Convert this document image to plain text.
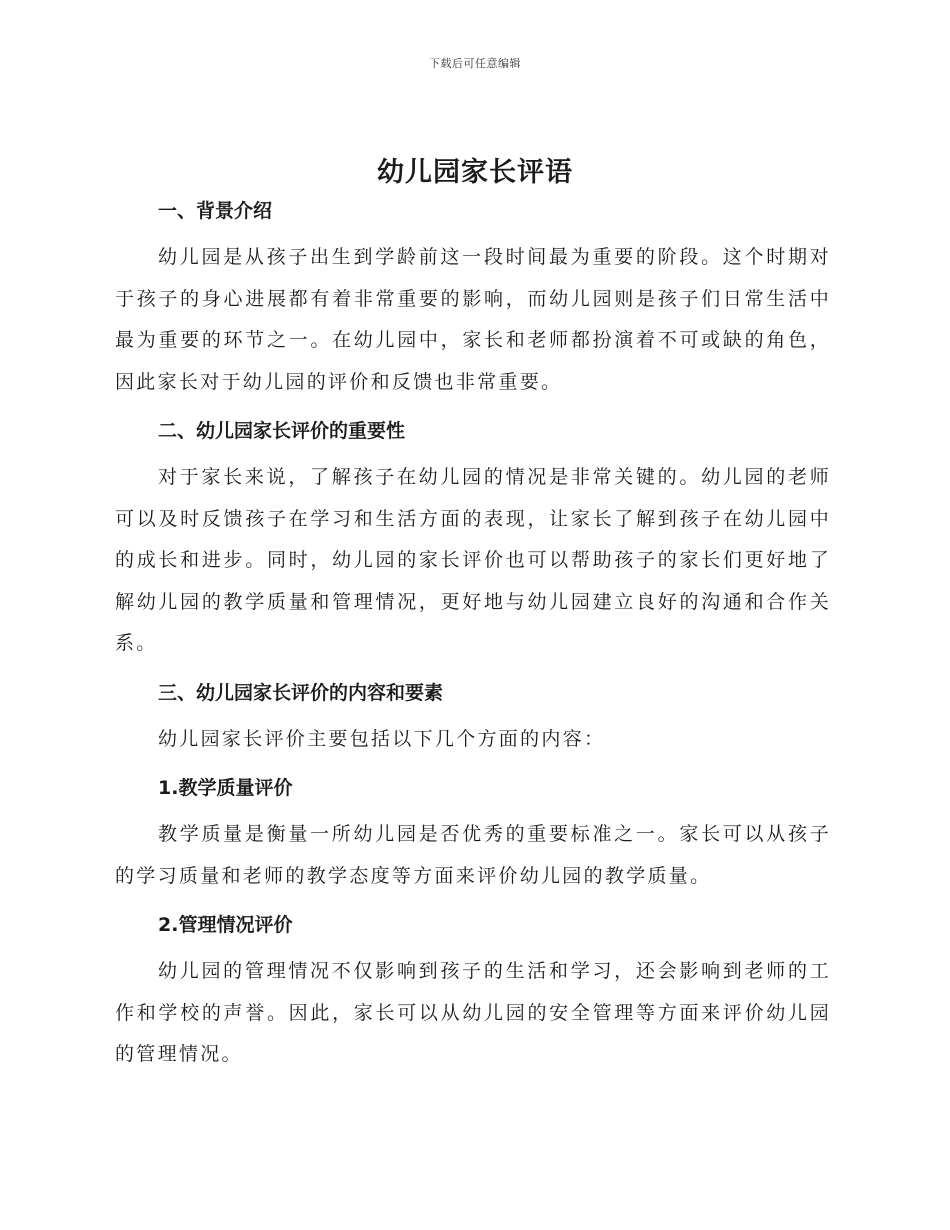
下载后可任意编辑
幼儿园家长评语

一、背景介绍

幼儿园是从孩子出生到学龄前这一段时间最为重要的阶段。这个时期对于孩子的身心进展都有着非常重要的影响，而幼儿园则是孩子们日常生活中最为重要的环节之一。在幼儿园中，家长和老师都扮演着不可或缺的角色，因此家长对于幼儿园的评价和反馈也非常重要。

二、幼儿园家长评价的重要性

对于家长来说，了解孩子在幼儿园的情况是非常关键的。幼儿园的老师可以及时反馈孩子在学习和生活方面的表现，让家长了解到孩子在幼儿园中的成长和进步。同时，幼儿园的家长评价也可以帮助孩子的家长们更好地了解幼儿园的教学质量和管理情况，更好地与幼儿园建立良好的沟通和合作关系。

三、幼儿园家长评价的内容和要素

幼儿园家长评价主要包括以下几个方面的内容：

1.教学质量评价

教学质量是衡量一所幼儿园是否优秀的重要标准之一。家长可以从孩子的学习质量和老师的教学态度等方面来评价幼儿园的教学质量。

2.管理情况评价

幼儿园的管理情况不仅影响到孩子的生活和学习，还会影响到老师的工作和学校的声誉。因此，家长可以从幼儿园的安全管理等方面来评价幼儿园的管理情况。
